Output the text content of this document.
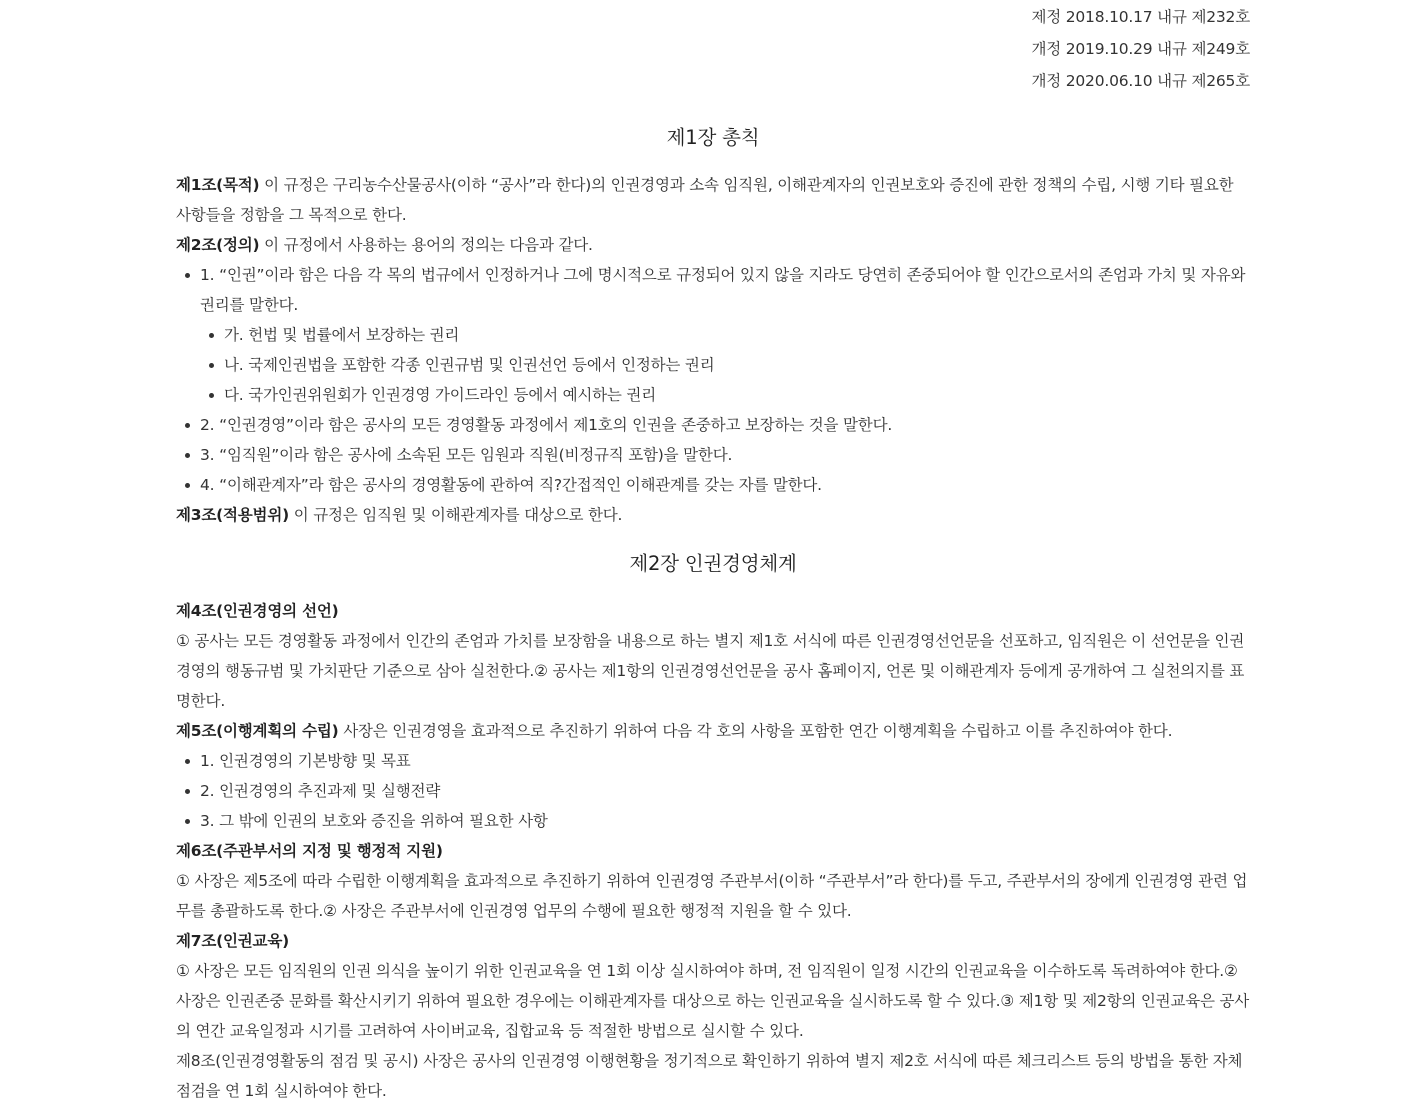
제정 2018.10.17 내규 제232호
개정 2019.10.29 내규 제249호
개정 2020.06.10 내규 제265호
제1장 총칙
제1조(목적) 이 규정은 구리농수산물공사(이하 “공사”라 한다)의 인권경영과 소속 임직원, 이해관계자의 인권보호와 증진에 관한 정책의 수립, 시행 기타 필요한 사항들을 정함을 그 목적으로 한다.
제2조(정의) 이 규정에서 사용하는 용어의 정의는 다음과 같다.
1. “인권”이라 함은 다음 각 목의 법규에서 인정하거나 그에 명시적으로 규정되어 있지 않을 지라도 당연히 존중되어야 할 인간으로서의 존엄과 가치 및 자유와 권리를 말한다.
가. 헌법 및 법률에서 보장하는 권리
나. 국제인권법을 포함한 각종 인권규범 및 인권선언 등에서 인정하는 권리
다. 국가인권위원회가 인권경영 가이드라인 등에서 예시하는 권리
2. “인권경영”이라 함은 공사의 모든 경영활동 과정에서 제1호의 인권을 존중하고 보장하는 것을 말한다.
3. “임직원”이라 함은 공사에 소속된 모든 임원과 직원(비정규직 포함)을 말한다.
4. “이해관계자”라 함은 공사의 경영활동에 관하여 직?간접적인 이해관계를 갖는 자를 말한다.
제3조(적용범위) 이 규정은 임직원 및 이해관계자를 대상으로 한다.
제2장 인권경영체계
제4조(인권경영의 선언)
① 공사는 모든 경영활동 과정에서 인간의 존엄과 가치를 보장함을 내용으로 하는 별지 제1호 서식에 따른 인권경영선언문을 선포하고, 임직원은 이 선언문을 인권경영의 행동규범 및 가치판단 기준으로 삼아 실천한다.② 공사는 제1항의 인권경영선언문을 공사 홈페이지, 언론 및 이해관계자 등에게 공개하여 그 실천의지를 표명한다.
제5조(이행계획의 수립) 사장은 인권경영을 효과적으로 추진하기 위하여 다음 각 호의 사항을 포함한 연간 이행계획을 수립하고 이를 추진하여야 한다.
1. 인권경영의 기본방향 및 목표
2. 인권경영의 추진과제 및 실행전략
3. 그 밖에 인권의 보호와 증진을 위하여 필요한 사항
제6조(주관부서의 지정 및 행정적 지원)
① 사장은 제5조에 따라 수립한 이행계획을 효과적으로 추진하기 위하여 인권경영 주관부서(이하 “주관부서”라 한다)를 두고, 주관부서의 장에게 인권경영 관련 업무를 총괄하도록 한다.② 사장은 주관부서에 인권경영 업무의 수행에 필요한 행정적 지원을 할 수 있다.
제7조(인권교육)
① 사장은 모든 임직원의 인권 의식을 높이기 위한 인권교육을 연 1회 이상 실시하여야 하며, 전 임직원이 일정 시간의 인권교육을 이수하도록 독려하여야 한다.② 사장은 인권존중 문화를 확산시키기 위하여 필요한 경우에는 이해관계자를 대상으로 하는 인권교육을 실시하도록 할 수 있다.③ 제1항 및 제2항의 인권교육은 공사의 연간 교육일정과 시기를 고려하여 사이버교육, 집합교육 등 적절한 방법으로 실시할 수 있다.
제8조(인권경영활동의 점검 및 공시) 사장은 공사의 인권경영 이행현황을 정기적으로 확인하기 위하여 별지 제2호 서식에 따른 체크리스트 등의 방법을 통한 자체 점검을 연 1회 실시하여야 한다.
